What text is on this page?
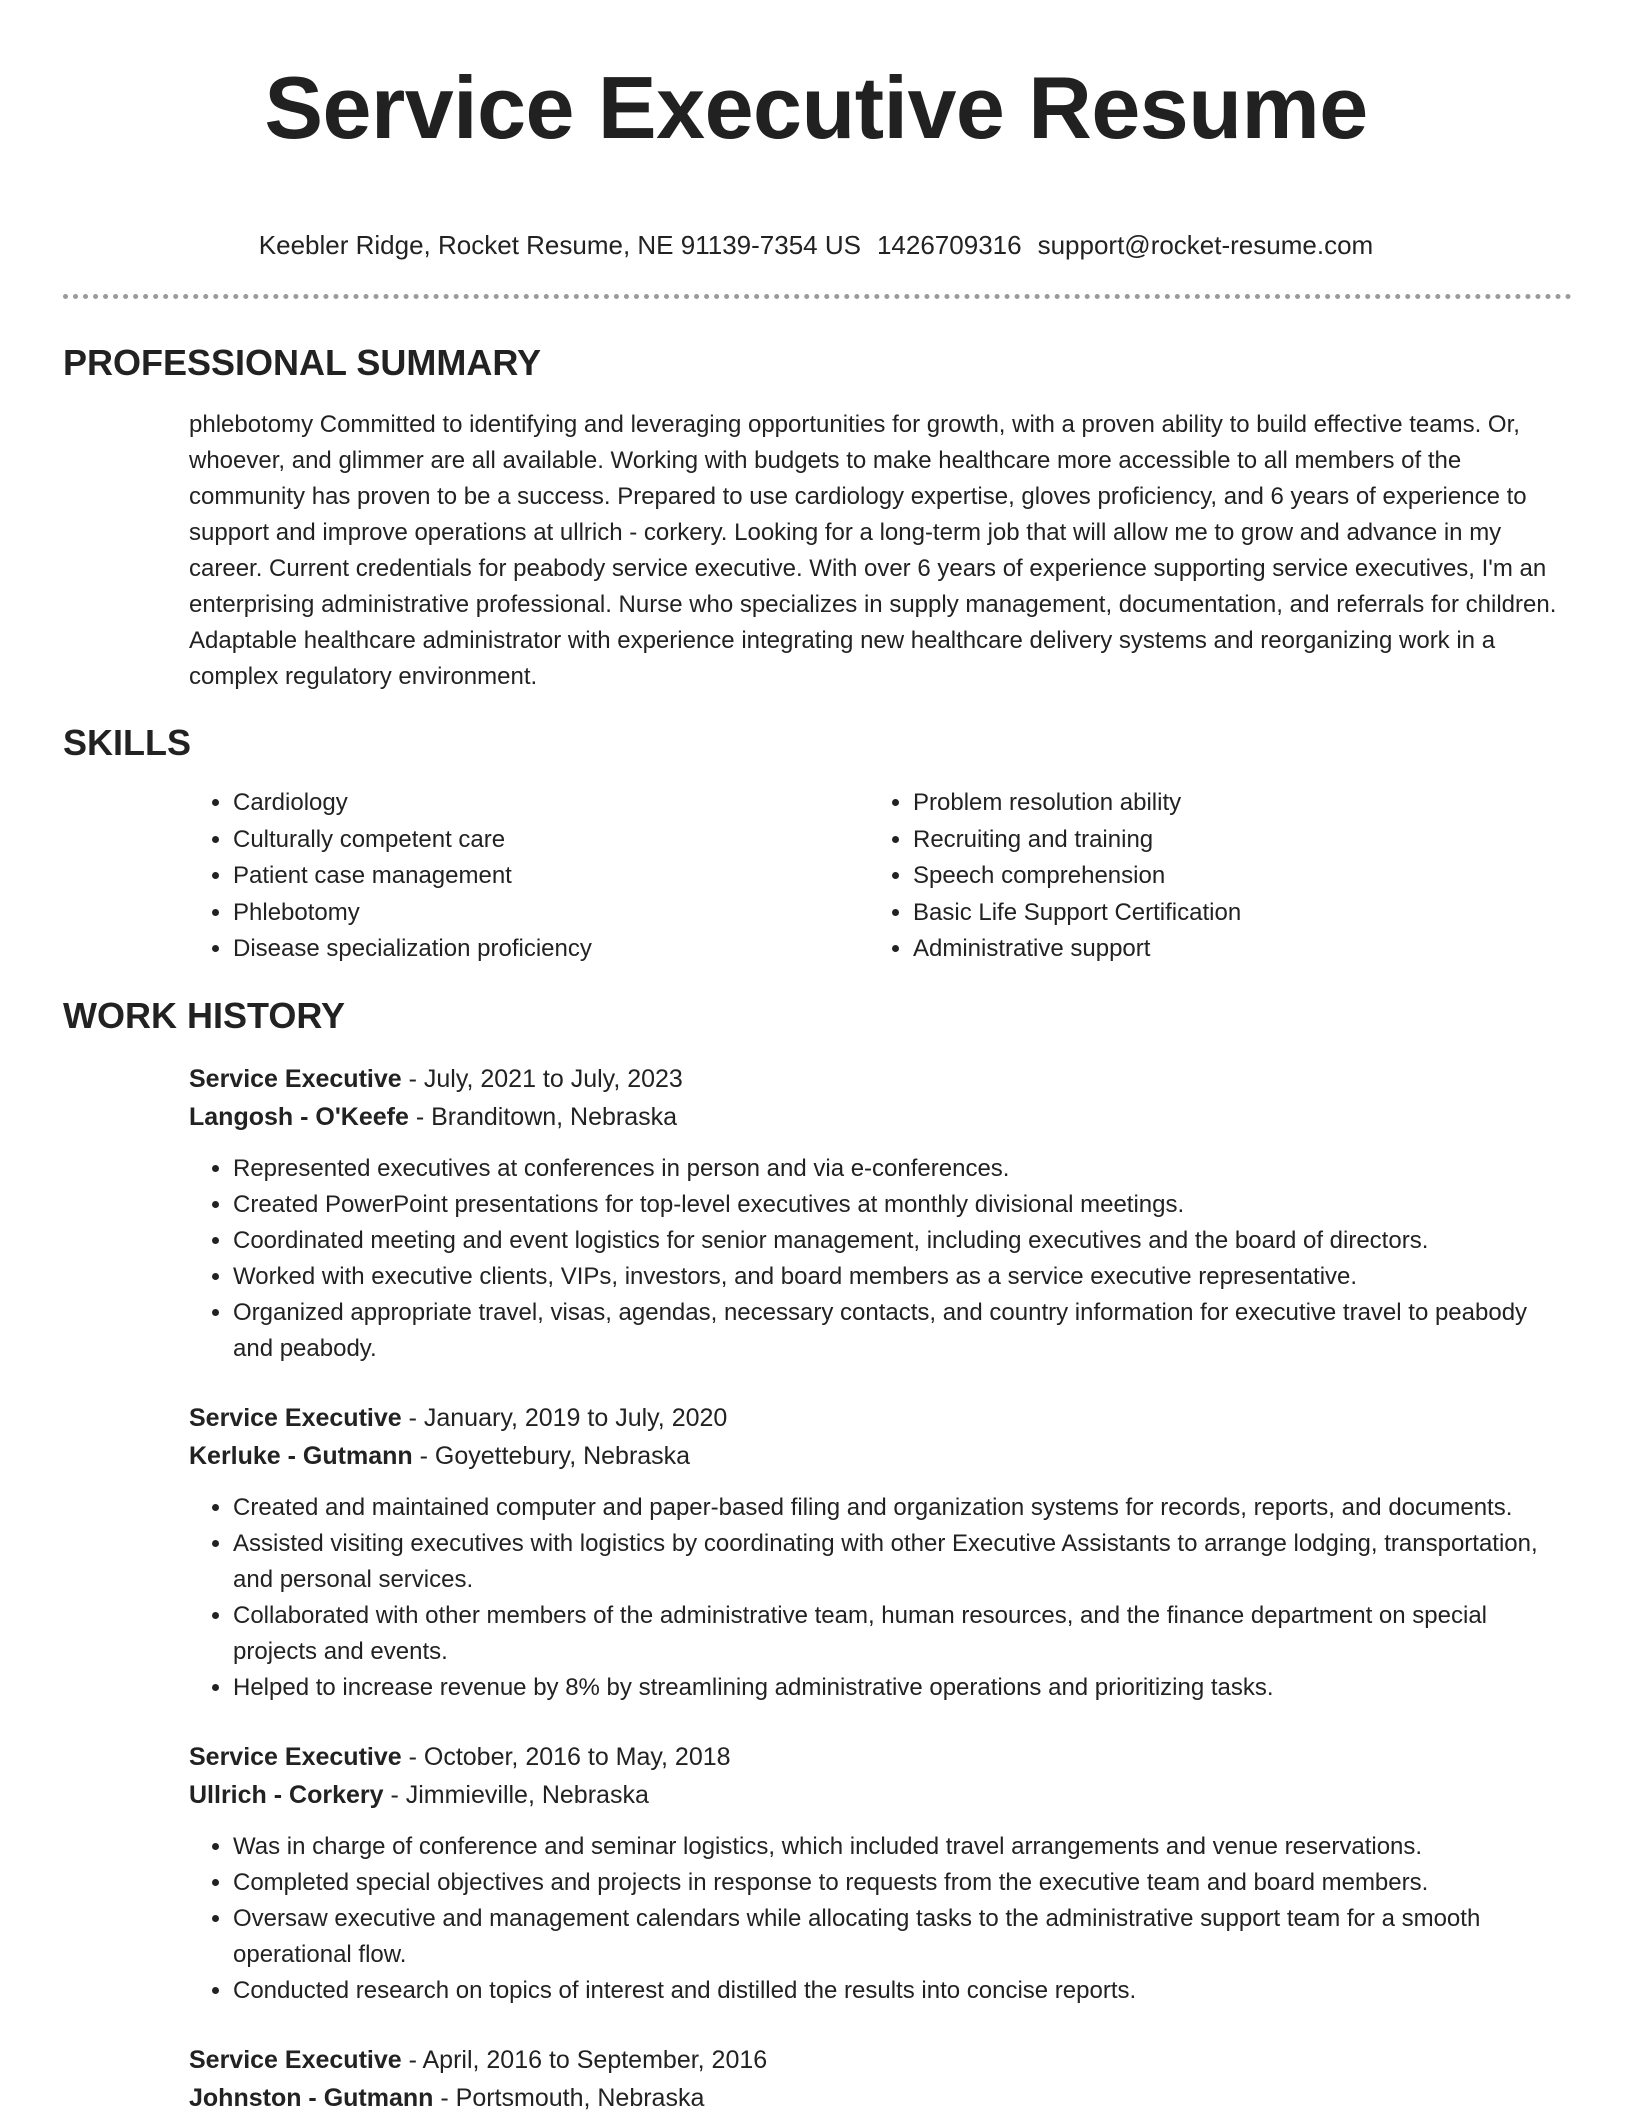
Service Executive Resume
Keebler Ridge, Rocket Resume, NE 91139-7354 US 1426709316 support@rocket-resume.com
PROFESSIONAL SUMMARY

phlebotomy Committed to identifying and leveraging opportunities for growth, with a proven ability to build effective teams. Or, whoever, and glimmer are all available. Working with budgets to make healthcare more accessible to all members of the community has proven to be a success. Prepared to use cardiology expertise, gloves proficiency, and 6 years of experience to support and improve operations at ullrich - corkery. Looking for a long-term job that will allow me to grow and advance in my career. Current credentials for peabody service executive. With over 6 years of experience supporting service executives, I'm an enterprising administrative professional. Nurse who specializes in supply management, documentation, and referrals for children. Adaptable healthcare administrator with experience integrating new healthcare delivery systems and reorganizing work in a complex regulatory environment.

SKILLS
• Cardiology
• Culturally competent care
• Patient case management
• Phlebotomy
• Disease specialization proficiency
• Problem resolution ability
• Recruiting and training
• Speech comprehension
• Basic Life Support Certification
• Administrative support
WORK HISTORY
Service Executive - July, 2021 to July, 2023
Langosh - O'Keefe - Branditown, Nebraska
• Represented executives at conferences in person and via e-conferences.
• Created PowerPoint presentations for top-level executives at monthly divisional meetings.
• Coordinated meeting and event logistics for senior management, including executives and the board of directors.
• Worked with executive clients, VIPs, investors, and board members as a service executive representative.
• Organized appropriate travel, visas, agendas, necessary contacts, and country information for executive travel to peabody and peabody.
Service Executive - January, 2019 to July, 2020
Kerluke - Gutmann - Goyettebury, Nebraska
• Created and maintained computer and paper-based filing and organization systems for records, reports, and documents.
• Assisted visiting executives with logistics by coordinating with other Executive Assistants to arrange lodging, transportation, and personal services.
• Collaborated with other members of the administrative team, human resources, and the finance department on special projects and events.
• Helped to increase revenue by 8% by streamlining administrative operations and prioritizing tasks.
Service Executive - October, 2016 to May, 2018
Ullrich - Corkery - Jimmieville, Nebraska
• Was in charge of conference and seminar logistics, which included travel arrangements and venue reservations.
• Completed special objectives and projects in response to requests from the executive team and board members.
• Oversaw executive and management calendars while allocating tasks to the administrative support team for a smooth operational flow.
• Conducted research on topics of interest and distilled the results into concise reports.
Service Executive - April, 2016 to September, 2016
Johnston - Gutmann - Portsmouth, Nebraska
